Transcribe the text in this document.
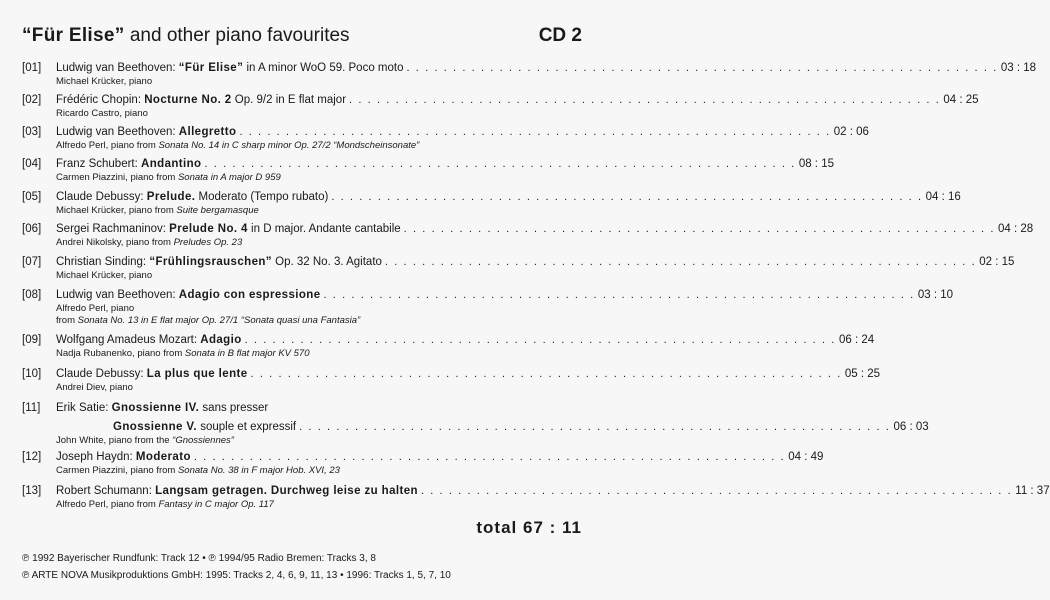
“Für Elise” and other piano favourites	CD 2
[01]	Ludwig van Beethoven: “Für Elise” in A minor WoO 59. Poco moto . . . . . . . . . . . . . . . . . . . . . . . . . . . . . . . . . . . . . . . . . . . . . . . . . . . . . . . . . . . . . . . . 03 : 18
Michael Krücker, piano
[02]	Frédéric Chopin: Nocturne No. 2 Op. 9/2 in E flat major . . . . . . . . . . . . . . . . . . . . . . . . . . . . . . . . . . . . . . . . . . . . . . . . . . . . . . . . . . . . . . . . 04 : 25
Ricardo Castro, piano
[03]	Ludwig van Beethoven: Allegretto . . . . . . . . . . . . . . . . . . . . . . . . . . . . . . . . . . . . . . . . . . . . . . . . . . . . . . . . . . . . . . . . 02 : 06
Alfredo Perl, piano from Sonata No. 14 in C sharp minor Op. 27/2 “Mondscheinsonate”
[04]	Franz Schubert: Andantino . . . . . . . . . . . . . . . . . . . . . . . . . . . . . . . . . . . . . . . . . . . . . . . . . . . . . . . . . . . . . . . . 08 : 15
Carmen Piazzini, piano from Sonata in A major D 959
[05]	Claude Debussy: Prelude. Moderato (Tempo rubato) . . . . . . . . . . . . . . . . . . . . . . . . . . . . . . . . . . . . . . . . . . . . . . . . . . . . . . . . . . . . . . . . 04 : 16
Michael Krücker, piano from Suite bergamasque
[06]	Sergei Rachmaninov: Prelude No. 4 in D major. Andante cantabile . . . . . . . . . . . . . . . . . . . . . . . . . . . . . . . . . . . . . . . . . . . . . . . . . . . . . . . . . . . . . . . . 04 : 28
Andrei Nikolsky, piano from Preludes Op. 23
[07]	Christian Sinding: “Frühlingsrauschen” Op. 32 No. 3. Agitato . . . . . . . . . . . . . . . . . . . . . . . . . . . . . . . . . . . . . . . . . . . . . . . . . . . . . . . . . . . . . . . . 02 : 15
Michael Krücker, piano
[08]	Ludwig van Beethoven: Adagio con espressione . . . . . . . . . . . . . . . . . . . . . . . . . . . . . . . . . . . . . . . . . . . . . . . . . . . . . . . . . . . . . . . . 03 : 10
Alfredo Perl, piano
from Sonata No. 13 in E flat major Op. 27/1 “Sonata quasi una Fantasia”
[09]	Wolfgang Amadeus Mozart: Adagio . . . . . . . . . . . . . . . . . . . . . . . . . . . . . . . . . . . . . . . . . . . . . . . . . . . . . . . . . . . . . . . . 06 : 24
Nadja Rubanenko, piano from Sonata in B flat major KV 570
[10]	Claude Debussy: La plus que lente . . . . . . . . . . . . . . . . . . . . . . . . . . . . . . . . . . . . . . . . . . . . . . . . . . . . . . . . . . . . . . . . 05 : 25
Andrei Diev, piano
[11]	Erik Satie: Gnossienne IV. sans presser
Gnossienne V. souple et expressif . . . . . . . . . . . . . . . . . . . . . . . . . . . . . . . . . . . . . . . . . . . . . . . . . . . . . . . . . . . . . . . . 06 : 03
John White, piano from the “Gnossiennes”
[12]	Joseph Haydn: Moderato . . . . . . . . . . . . . . . . . . . . . . . . . . . . . . . . . . . . . . . . . . . . . . . . . . . . . . . . . . . . . . . . 04 : 49
Carmen Piazzini, piano from Sonata No. 38 in F major Hob. XVI, 23
[13]	Robert Schumann: Langsam getragen. Durchweg leise zu halten . . . . . . . . . . . . . . . . . . . . . . . . . . . . . . . . . . . . . . . . . . . . . . . . . . . . . . . . . . . . . . . . 11 : 37
Alfredo Perl, piano from Fantasy in C major Op. 117
total 67 : 11
℗ 1992 Bayerischer Rundfunk: Track 12 • ℗ 1994/95 Radio Bremen: Tracks 3, 8
℗ ARTE NOVA Musikproduktions GmbH: 1995: Tracks 2, 4, 6, 9, 11, 13 • 1996: Tracks 1, 5, 7, 10
